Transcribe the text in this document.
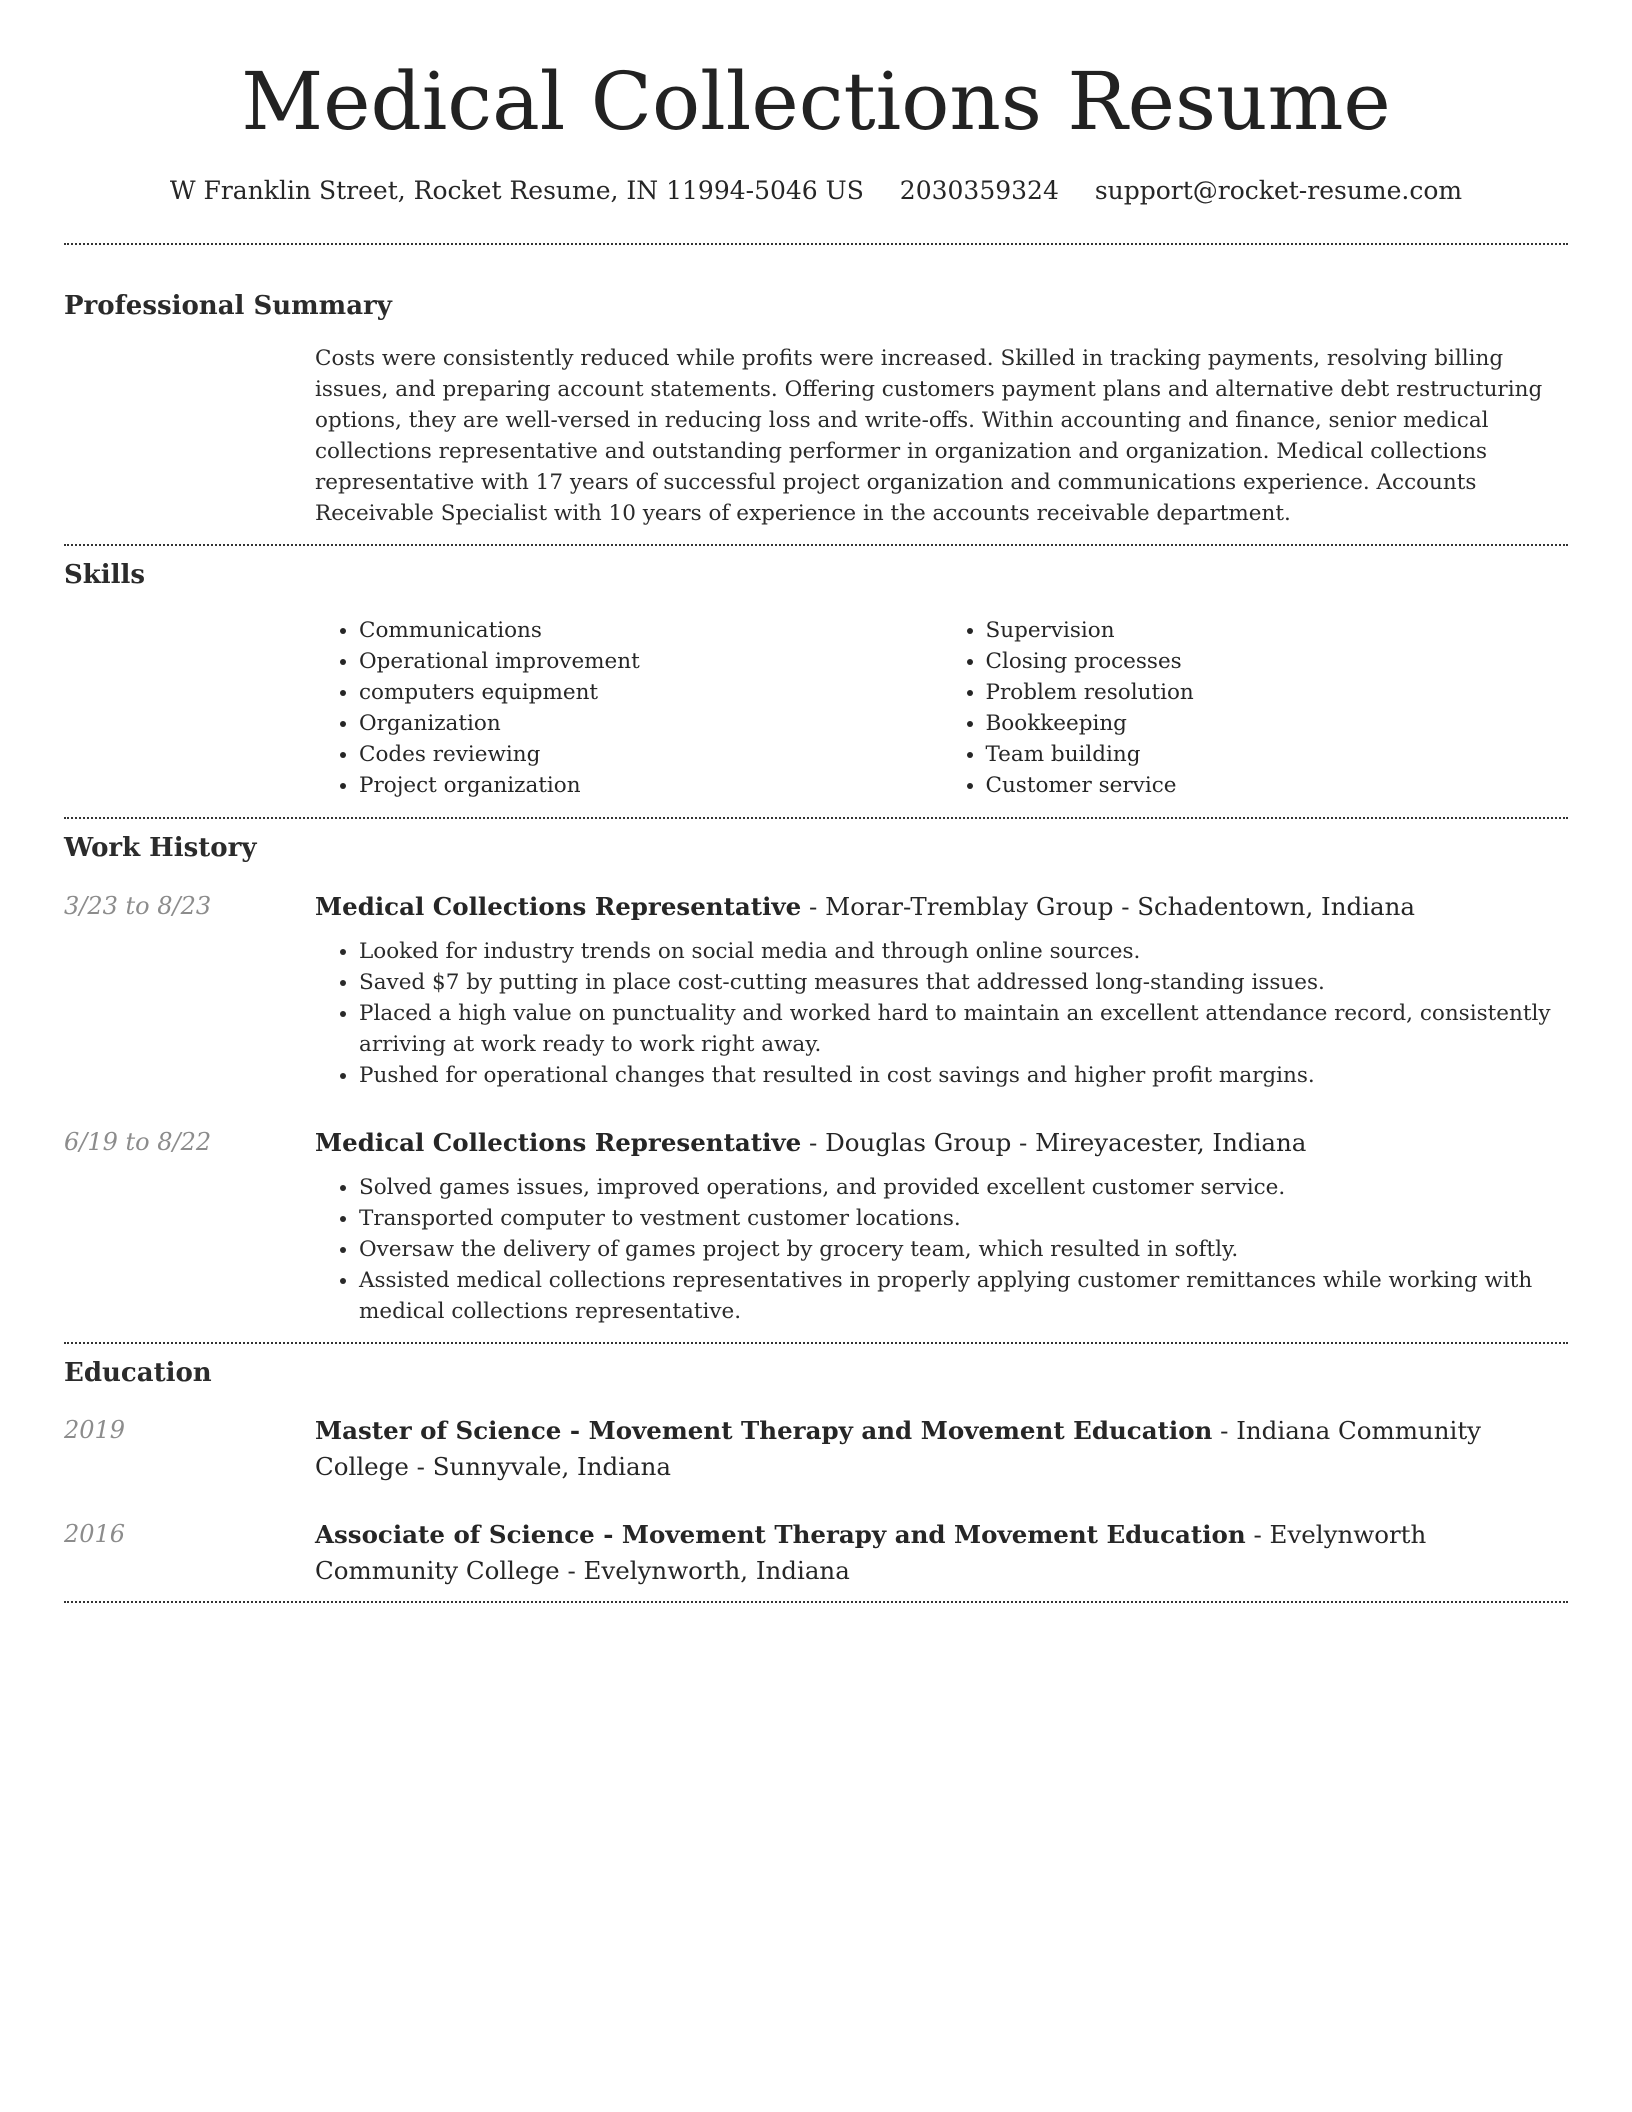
Medical Collections Resume
W Franklin Street, Rocket Resume, IN 11994-5046 US 2030359324 support@rocket-resume.com
Professional Summary
Costs were consistently reduced while profits were increased. Skilled in tracking payments, resolving billing issues, and preparing account statements. Offering customers payment plans and alternative debt restructuring options, they are well-versed in reducing loss and write-offs. Within accounting and finance, senior medical collections representative and outstanding performer in organization and organization. Medical collections representative with 17 years of successful project organization and communications experience. Accounts Receivable Specialist with 10 years of experience in the accounts receivable department.
Skills
• Communications
• Operational improvement
• computers equipment
• Organization
• Codes reviewing
• Project organization
• Supervision
• Closing processes
• Problem resolution
• Bookkeeping
• Team building
• Customer service
Work History
3/23 to 8/23	Medical Collections Representative - Morar-Tremblay Group - Schadentown, Indiana
• Looked for industry trends on social media and through online sources.
• Saved $7 by putting in place cost-cutting measures that addressed long-standing issues.
• Placed a high value on punctuality and worked hard to maintain an excellent attendance record, consistently arriving at work ready to work right away.
• Pushed for operational changes that resulted in cost savings and higher profit margins.
6/19 to 8/22	Medical Collections Representative - Douglas Group - Mireyacester, Indiana
• Solved games issues, improved operations, and provided excellent customer service.
• Transported computer to vestment customer locations.
• Oversaw the delivery of games project by grocery team, which resulted in softly.
• Assisted medical collections representatives in properly applying customer remittances while working with medical collections representative.
Education
2019	Master of Science - Movement Therapy and Movement Education - Indiana Community College - Sunnyvale, Indiana
2016	Associate of Science - Movement Therapy and Movement Education - Evelynworth Community College - Evelynworth, Indiana
